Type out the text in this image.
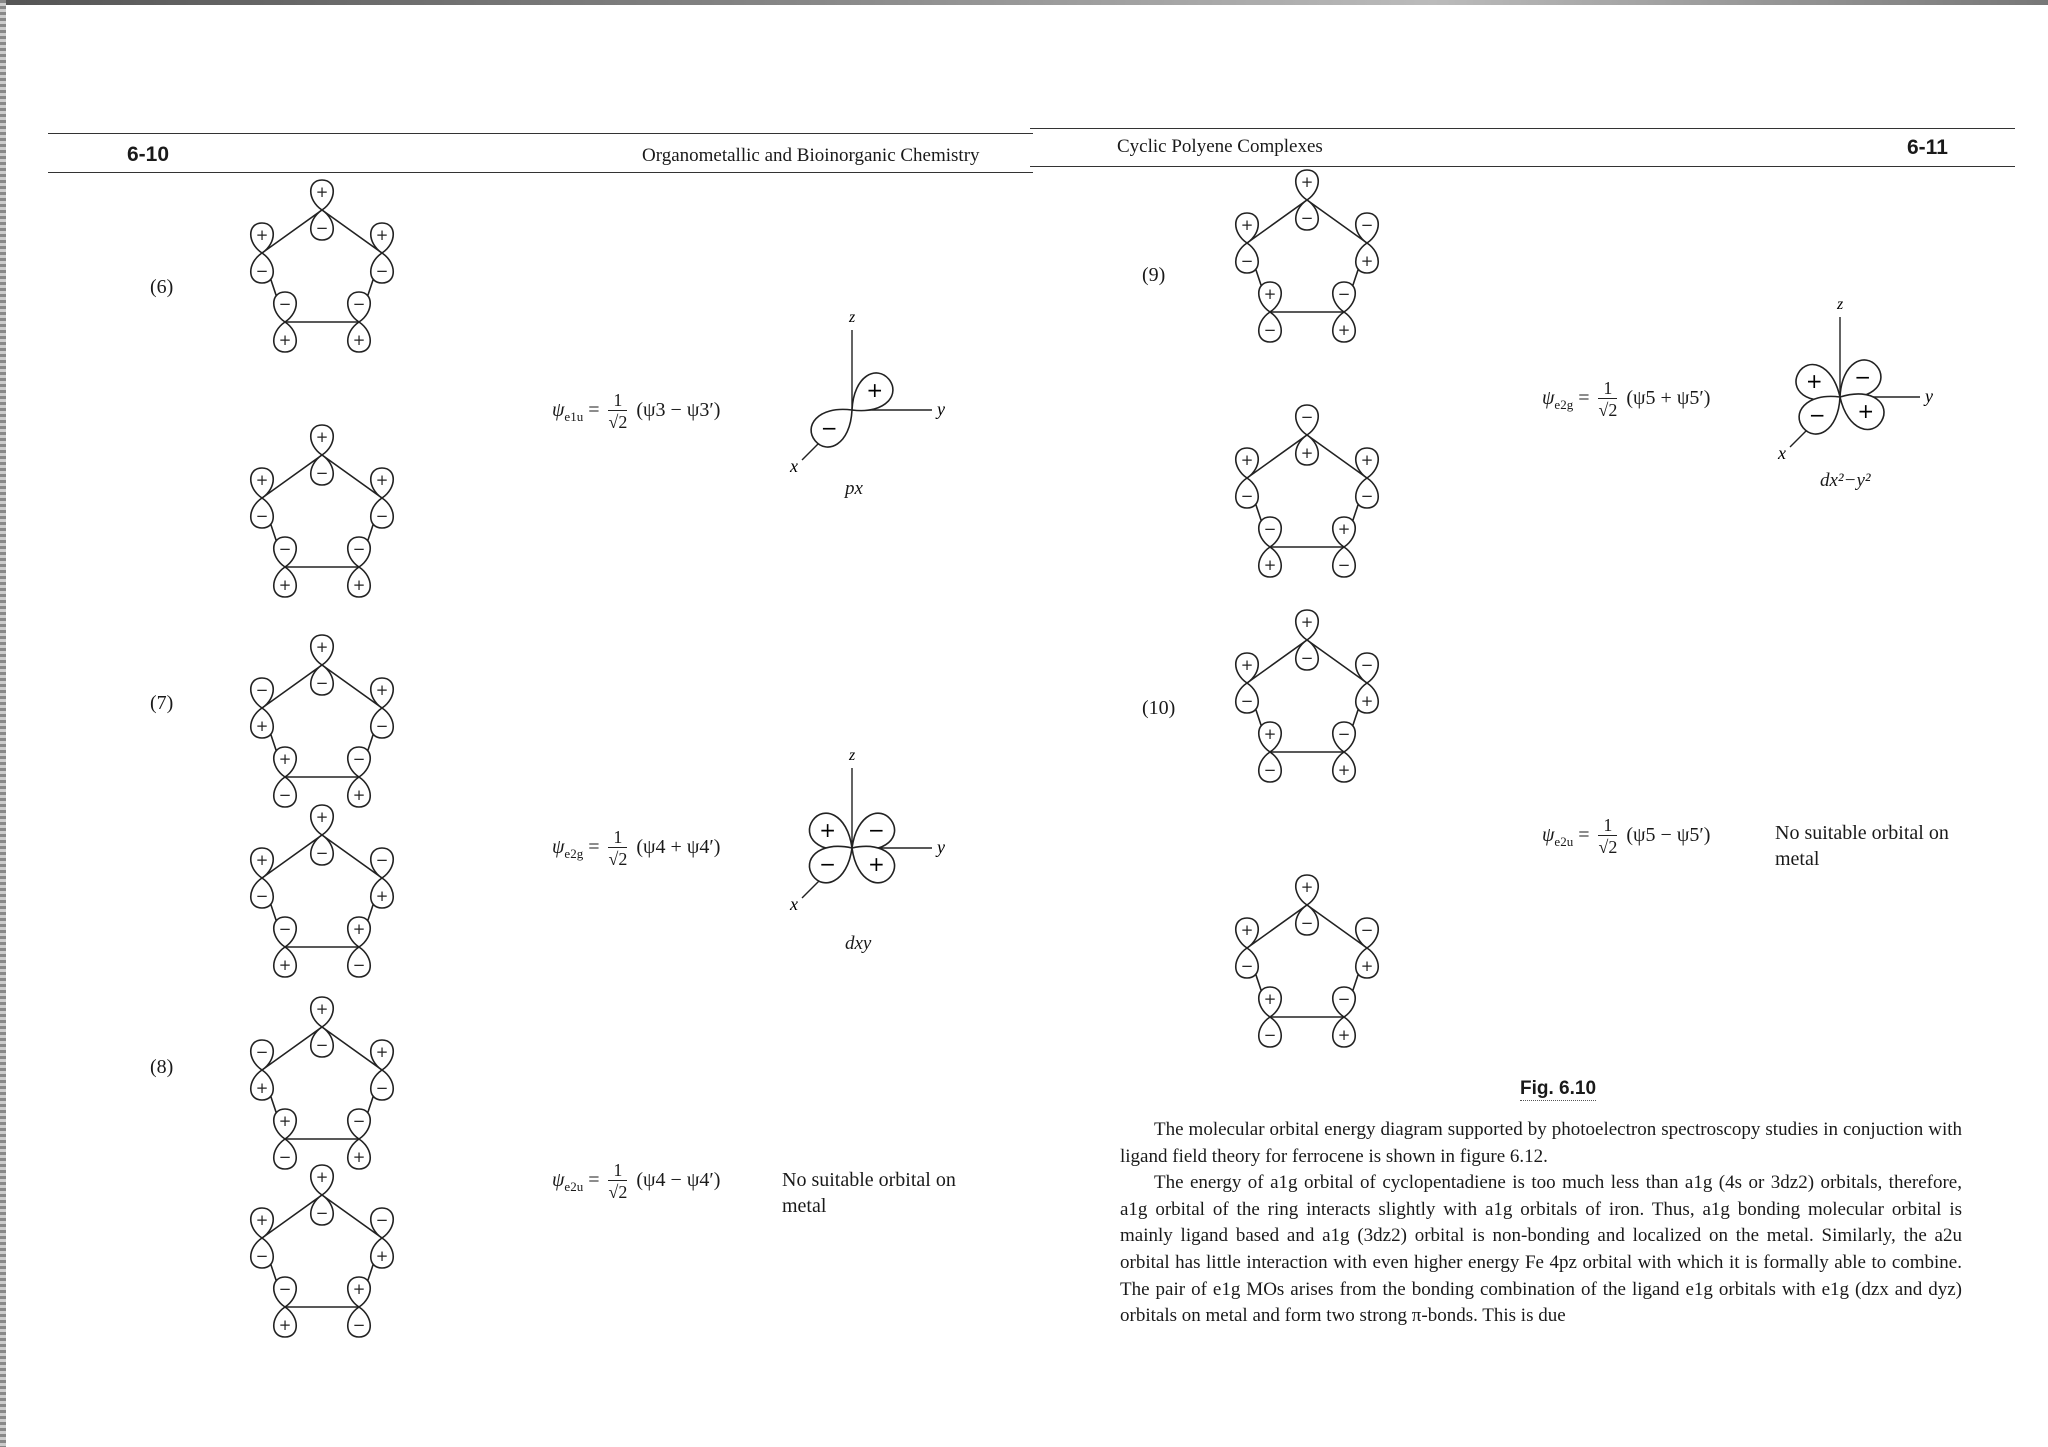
6-10	Organometallic and Bioinorganic Chemistry
(6)
(7)
(8)
$\psi_{e1u} = \frac{1}{√2} (\psi 3 - \psi 3')$
$\psi_{e2g} = \frac{1}{√2} (\psi 4 + \psi 4')$
$\psi_{e2u} = \frac{1}{√2} (\psi 4 - \psi 4')$	No suitable orbital on metal
px
dxy
Cyclic Polyene Complexes	6-11
(9)
(10)
$\psi_{e2g} = \frac{1}{√2} (\psi 5 + \psi 5')$
$\psi_{e2u} = \frac{1}{√2} (\psi 5 - \psi 5')$	No suitable orbital on metal
dx²−y²
Fig. 6.10

The molecular orbital energy diagram supported by photoelectron spectroscopy studies in conjuction with ligand field theory for ferrocene is shown in figure 6.12.

The energy of a1g orbital of cyclopentadiene is too much less than a1g (4s or 3dz2) orbitals, therefore, a1g orbital of the ring interacts slightly with a1g orbitals of iron. Thus, a1g bonding molecular orbital is mainly ligand based and a1g (3dz2) orbital is non-bonding and localized on the metal. Similarly, the a2u orbital has little interaction with even higher energy Fe 4pz orbital with which it is formally able to combine. The pair of e1g MOs arises from the bonding combination of the ligand e1g orbitals with e1g (dzx and dyz) orbitals on metal and form two strong π-bonds. This is due

+
−	+
−
+
−
+
−
+
−
+
−	+
−
+
−
+
−
+
−
+
−	+
−
+
−
−
+
−
+
+
−	−
+
−
+
+
−
+
−
+
−	+
−
+
−
−
+
−
+
+
−	−
+
−
+
+
−
+
−
+
−	−
+
+
−
−
+
+
−
−
+	+
−
−
+
+
−
+
−
+
−	−
+
+
−
−
+
+
−
+
−	−
+
+
−
−
+
+
−
z
y
x
+
−
z
y
x
+ −
+
−
z
y
x
+ −
+
−
